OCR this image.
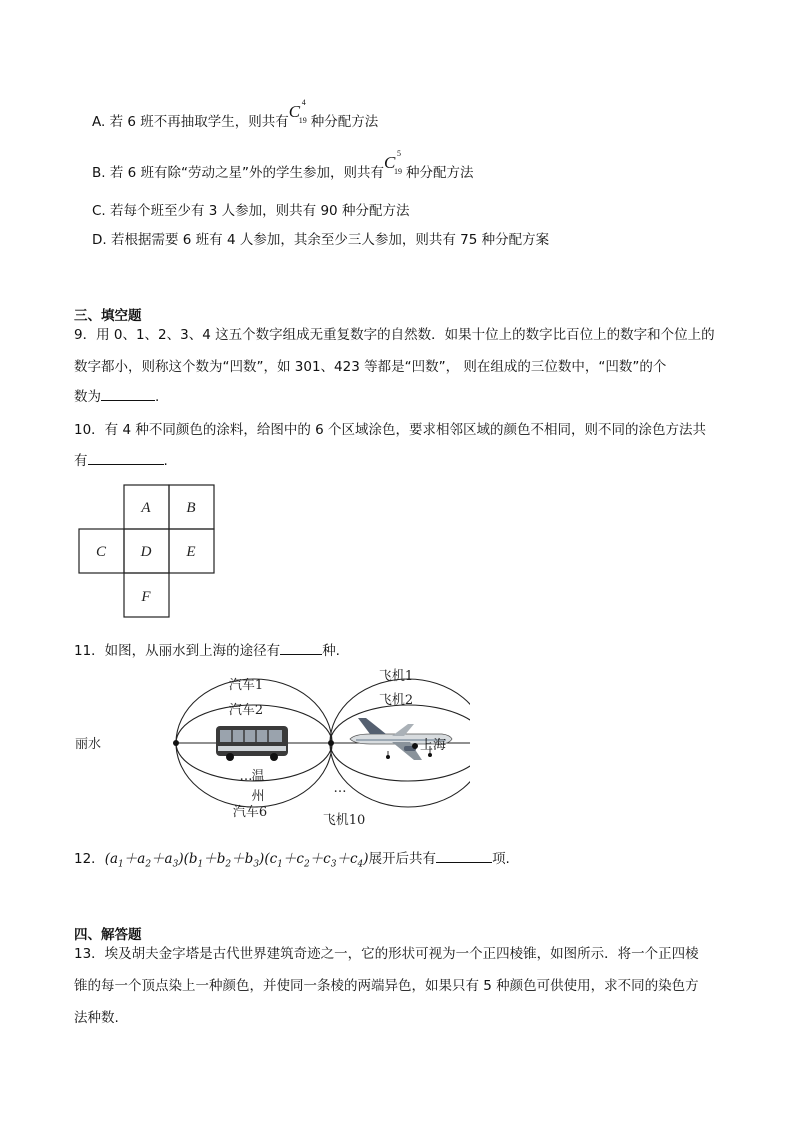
A. 若 6 班不再抽取学生，则共有
C 4
19 种分配方法
B. 若 6 班有除“劳动之星”外的学生参加，则共有
C 5
19 种分配方法
C. 若每个班至少有 3 人参加，则共有 90 种分配方法
D. 若根据需要 6 班有 4 人参加，其余至少三人参加，则共有 75 种分配方案
三、填空题
9．用 0、1、2、3、4 这五个数字组成无重复数字的自然数．如果十位上的数字比百位上的数字和个位上的
数字都小，则称这个数为“凹数”，如 301、423 等都是“凹数”， 则在组成的三位数中，“凹数”的个
数为	.
10．有 4 种不同颜色的涂料，给图中的 6 个区域涂色，要求相邻区域的颜色不相同，则不同的涂色方法共
有	.
A B
C D E
F
11．如图，从丽水到上海的途径有	种.
汽车1
汽车2
…
汽车6
飞机1
飞机2
…
飞机10
丽水
温
州
上海
12．$(a_1+a_2+a_3)(b_1+b_2+b_3)(c_1+c_2+c_3+c_4)$展开后共有	项.
四、解答题
13．埃及胡夫金字塔是古代世界建筑奇迹之一，它的形状可视为一个正四棱锥，如图所示．将一个正四棱
锥的每一个顶点染上一种颜色，并使同一条棱的两端异色，如果只有 5 种颜色可供使用，求不同的染色方
法种数.
